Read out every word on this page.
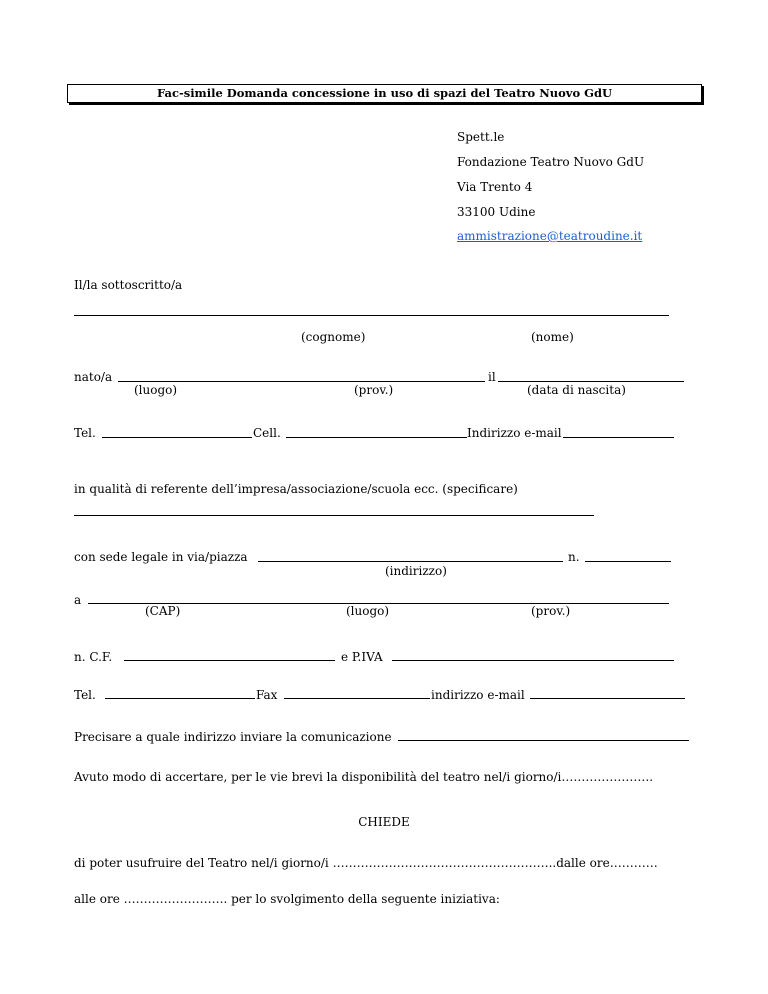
Fac-simile Domanda concessione in uso di spazi del Teatro Nuovo GdU
Spett.le
Fondazione Teatro Nuovo GdU
Via Trento 4
33100 Udine
ammistrazione@teatroudine.it
Il/la sottoscritto/a
(cognome)	(nome)
nato/a	il
(luogo)	(prov.)	(data di nascita)
Tel.	Cell.	Indirizzo e-mail
in qualità di referente dell’impresa/associazione/scuola ecc. (specificare)
con sede legale in via/piazza	n.
(indirizzo)
a
(CAP)	(luogo)	(prov.)
n. C.F.	e P.IVA
Tel.	Fax	indirizzo e-mail
Precisare a quale indirizzo inviare la comunicazione
Avuto modo di accertare, per le vie brevi la disponibilità del teatro nel/i giorno/i…………………..
CHIEDE
di poter usufruire del Teatro nel/i giorno/i ………………………………………………..dalle ore…………
alle ore …………………….. per lo svolgimento della seguente iniziativa:
